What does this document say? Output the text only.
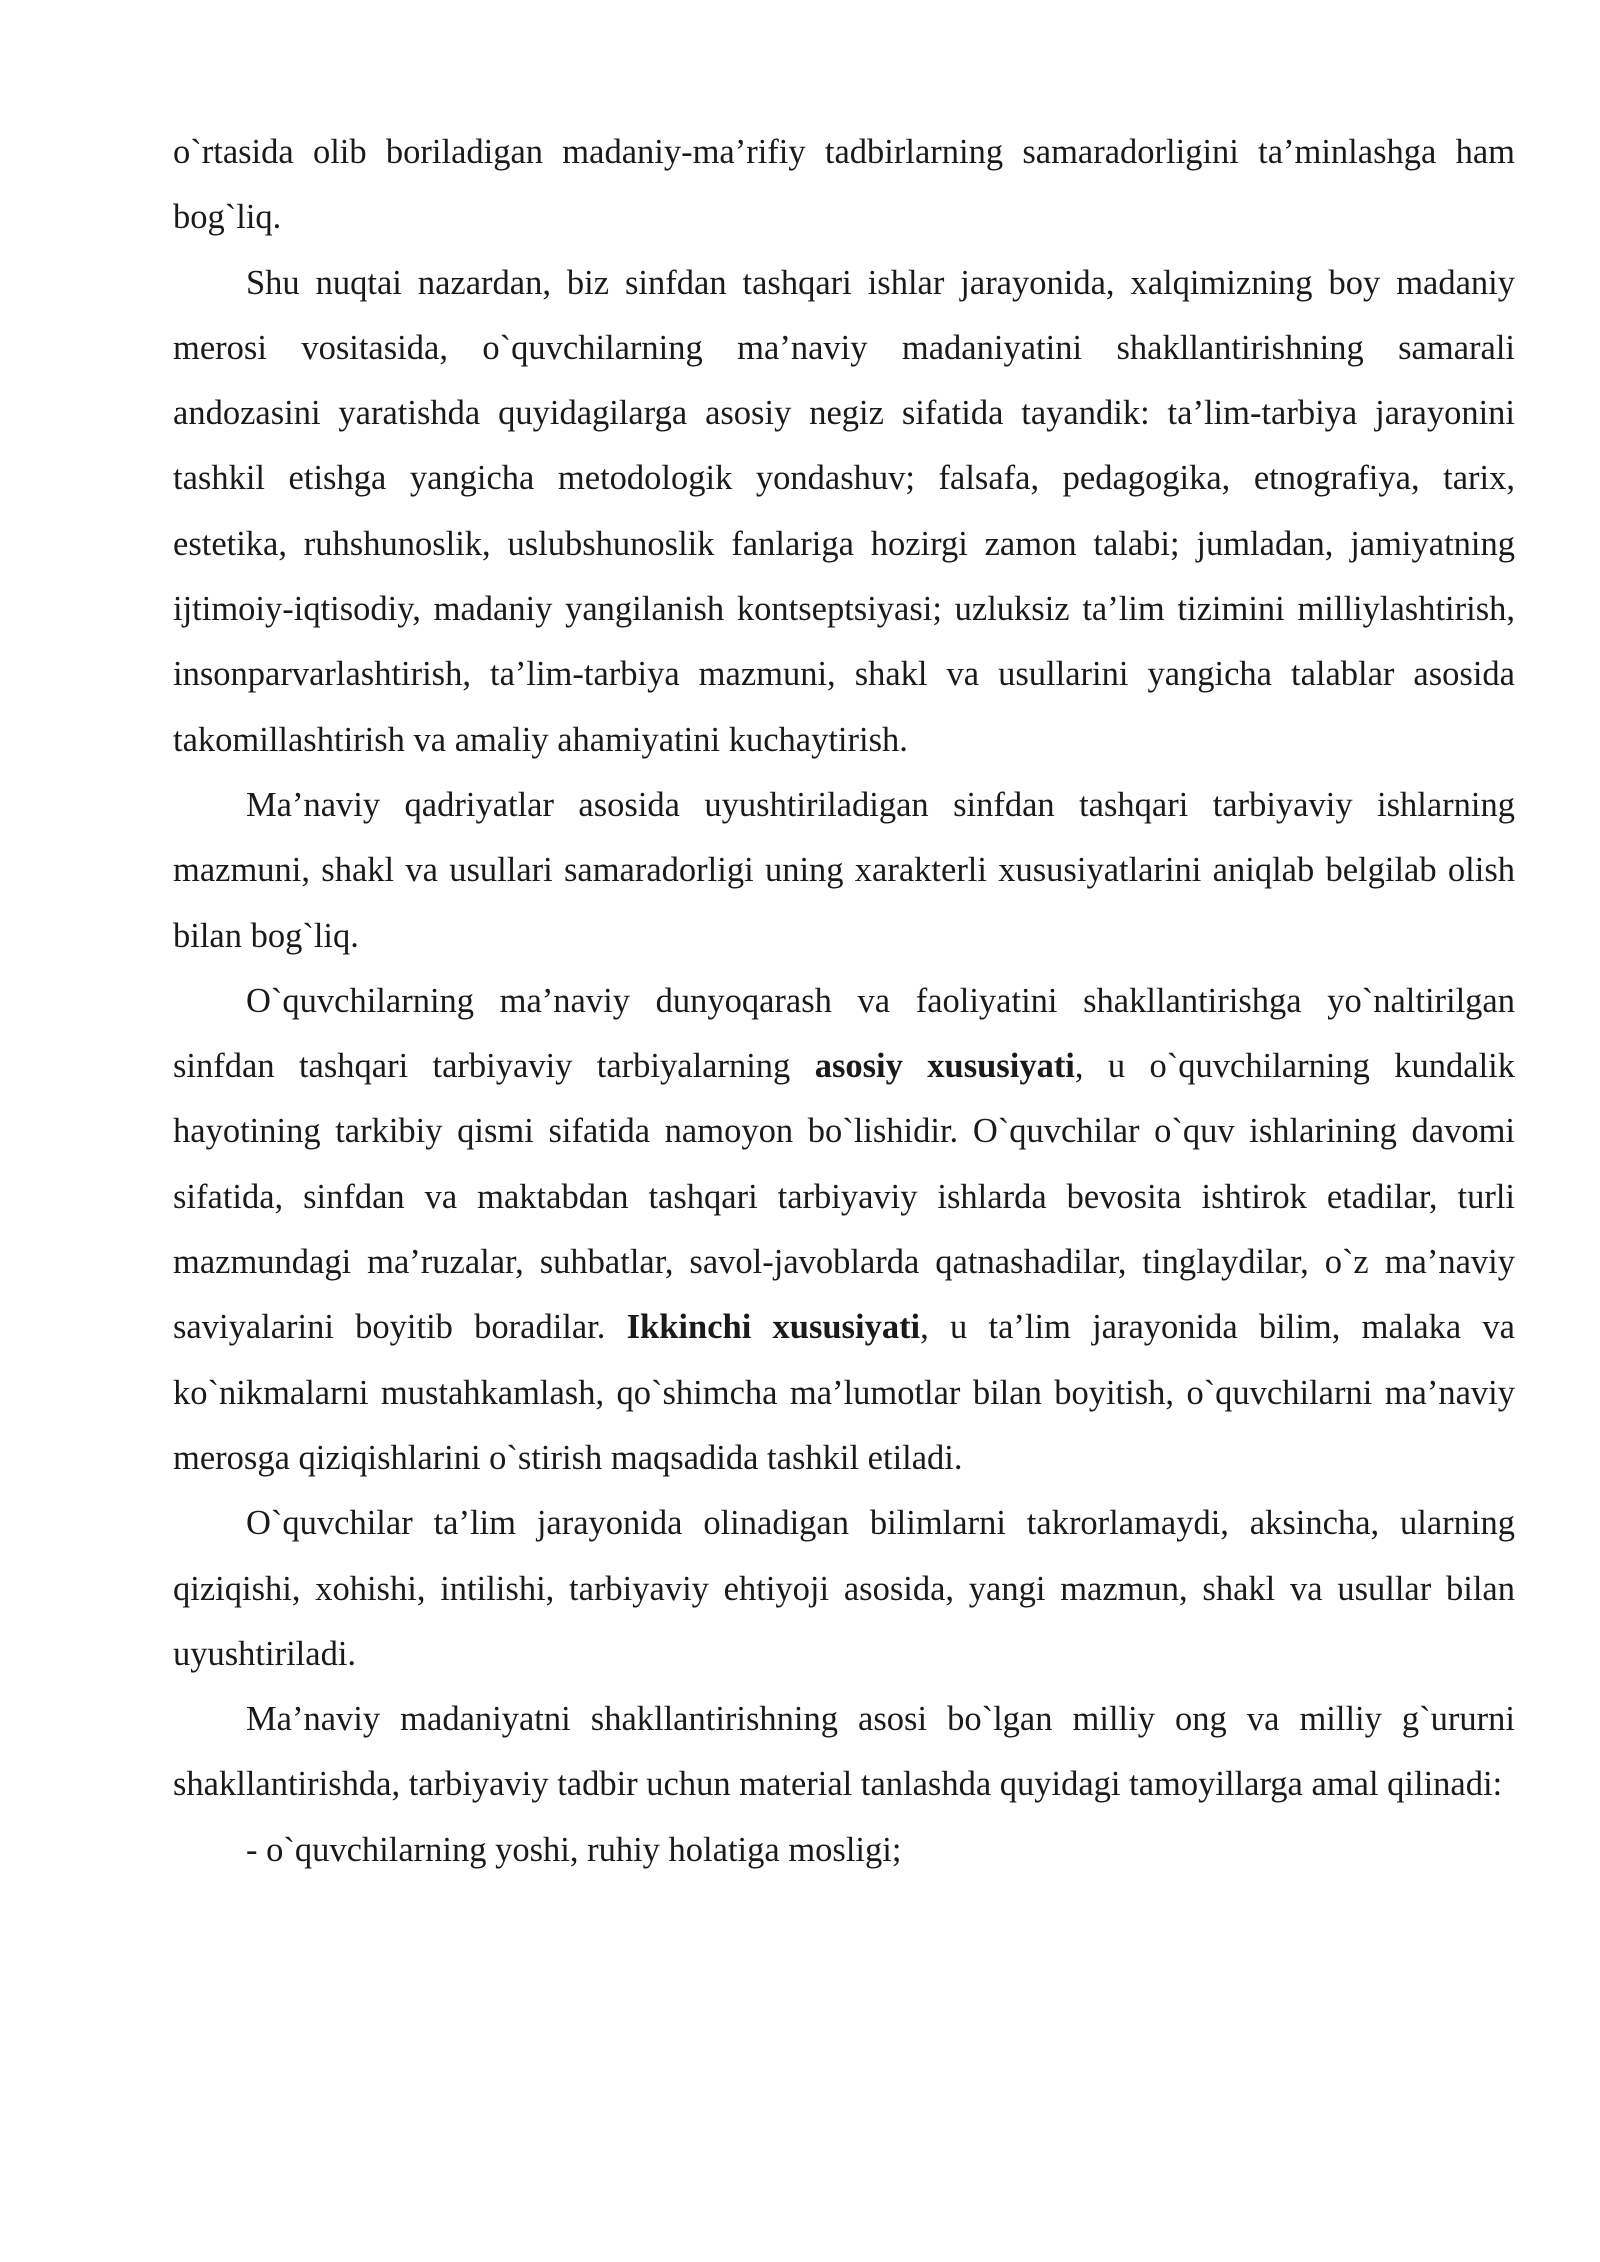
o`rtasida olib boriladigan madaniy-ma’rifiy tadbirlarning samaradorligini ta’minlashga ham bog`liq.

Shu nuqtai nazardan, biz sinfdan tashqari ishlar jarayonida, xalqimizning boy madaniy merosi vositasida, o`quvchilarning ma’naviy madaniyatini shakllantirishning samarali andozasini yaratishda quyidagilarga asosiy negiz sifatida tayandik: ta’lim-tarbiya jarayonini tashkil etishga yangicha metodologik yondashuv; falsafa, pedagogika, etnografiya, tarix, estetika, ruhshunoslik, uslubshunoslik fanlariga hozirgi zamon talabi; jumladan, jamiyatning ijtimoiy-iqtisodiy, madaniy yangilanish kontseptsiyasi; uzluksiz ta’lim tizimini milliylashtirish, insonparvarlashtirish, ta’lim-tarbiya mazmuni, shakl va usullarini yangicha talablar asosida takomillashtirish va amaliy ahamiyatini kuchaytirish.

Ma’naviy qadriyatlar asosida uyushtiriladigan sinfdan tashqari tarbiyaviy ishlarning mazmuni, shakl va usullari samaradorligi uning xarakterli xususiyatlarini aniqlab belgilab olish bilan bog`liq.

O`quvchilarning ma’naviy dunyoqarash va faoliyatini shakllantirishga yo`naltirilgan sinfdan tashqari tarbiyaviy tarbiyalarning asosiy xususiyati, u o`quvchilarning kundalik hayotining tarkibiy qismi sifatida namoyon bo`lishidir. O`quvchilar o`quv ishlarining davomi sifatida, sinfdan va maktabdan tashqari tarbiyaviy ishlarda bevosita ishtirok etadilar, turli mazmundagi ma’ruzalar, suhbatlar, savol-javoblarda qatnashadilar, tinglaydilar, o`z ma’naviy saviyalarini boyitib boradilar. Ikkinchi xususiyati, u ta’lim jarayonida bilim, malaka va ko`nikmalarni mustahkamlash, qo`shimcha ma’lumotlar bilan boyitish, o`quvchilarni ma’naviy merosga qiziqishlarini o`stirish maqsadida tashkil etiladi.

O`quvchilar ta’lim jarayonida olinadigan bilimlarni takrorlamaydi, aksincha, ularning qiziqishi, xohishi, intilishi, tarbiyaviy ehtiyoji asosida, yangi mazmun, shakl va usullar bilan uyushtiriladi.

Ma’naviy madaniyatni shakllantirishning asosi bo`lgan milliy ong va milliy g`ururni shakllantirishda, tarbiyaviy tadbir uchun material tanlashda quyidagi tamoyillarga amal qilinadi:

- o`quvchilarning yoshi, ruhiy holatiga mosligi;
